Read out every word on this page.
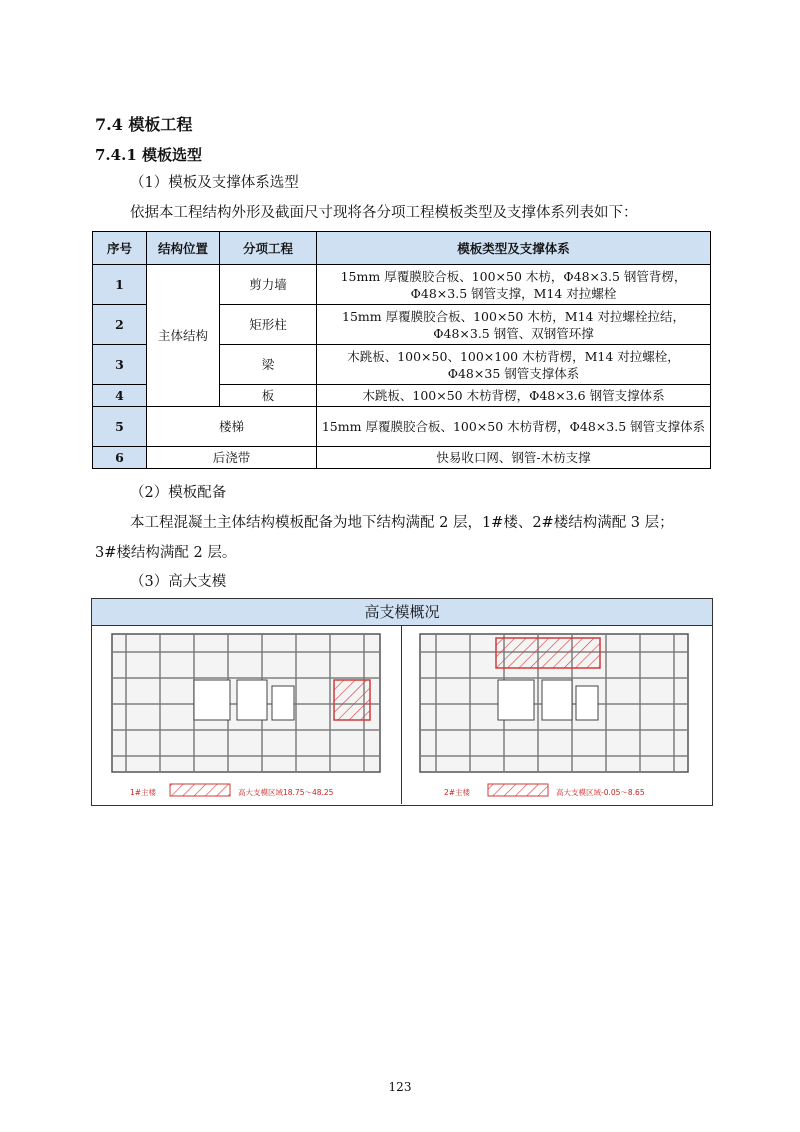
7.4 模板工程
7.4.1 模板选型
（1）模板及支撑体系选型
依据本工程结构外形及截面尺寸现将各分项工程模板类型及支撑体系列表如下：
序号	结构位置	分项工程	模板类型及支撑体系
1	主体结构	剪力墙	15mm 厚覆膜胶合板、100×50 木枋，Φ48×3.5 钢管背楞，Φ48×3.5 钢管支撑，M14 对拉螺栓
2		矩形柱	15mm 厚覆膜胶合板、100×50 木枋，M14 对拉螺栓拉结，Φ48×3.5 钢管、双钢管环撑
3		梁	木跳板、100×50、100×100 木枋背楞，M14 对拉螺栓，Φ48×35 钢管支撑体系
4		板	木跳板、100×50 木枋背楞，Φ48×3.6 钢管支撑体系
5	楼梯		15mm 厚覆膜胶合板、100×50 木枋背楞，Φ48×3.5 钢管支撑体系
6	后浇带		快易收口网、钢管-木枋支撑
（2）模板配备
本工程混凝土主体结构模板配备为地下结构满配 2 层，1#楼、2#楼结构满配 3 层；
3#楼结构满配 2 层。
（3）高大支模
高支模概况
1#主楼	高大支模区域18.75～48.25	2#主楼	高大支模区域-0.05～8.65
123
